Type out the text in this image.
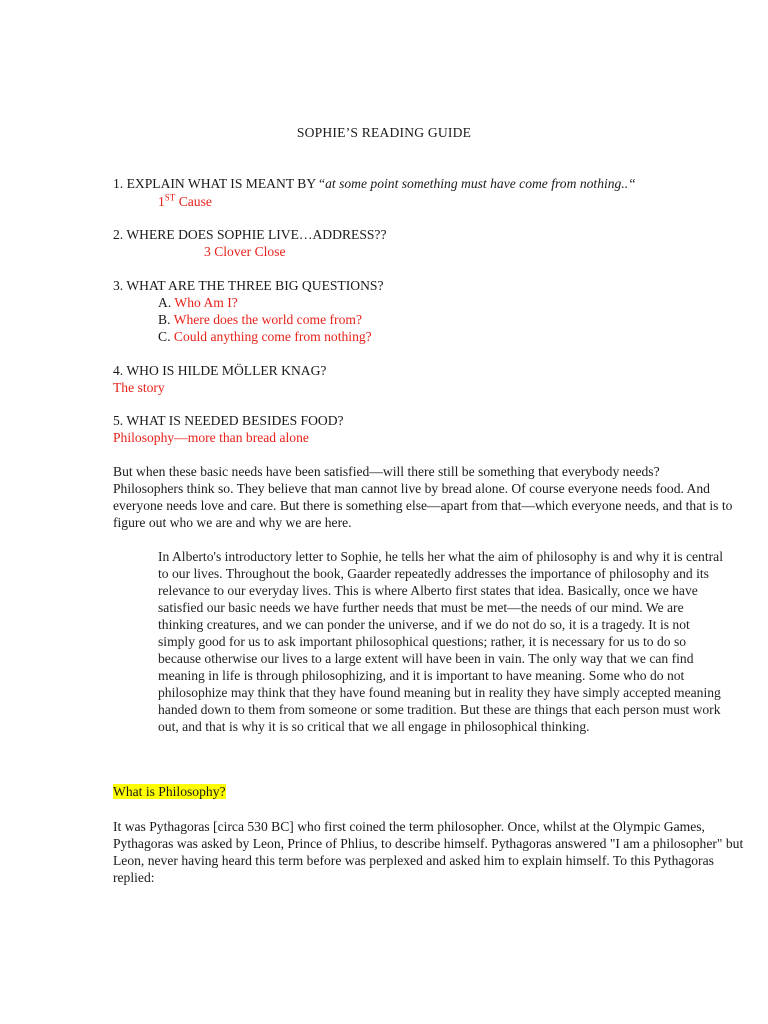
SOPHIE’S READING GUIDE
1. EXPLAIN WHAT IS MEANT BY “at some point something must have come from nothing..“
1ST Cause
2. WHERE DOES SOPHIE LIVE…ADDRESS??
3 Clover Close
3. WHAT ARE THE THREE BIG QUESTIONS?
A. Who Am I?
B. Where does the world come from?
C. Could anything come from nothing?
4. WHO IS HILDE MÖLLER KNAG?
The story
5. WHAT IS NEEDED BESIDES FOOD?
Philosophy—more than bread alone
But when these basic needs have been satisfied—will there still be something that everybody needs? Philosophers think so. They believe that man cannot live by bread alone. Of course everyone needs food. And everyone needs love and care. But there is something else—apart from that—which everyone needs, and that is to figure out who we are and why we are here.
In Alberto's introductory letter to Sophie, he tells her what the aim of philosophy is and why it is central to our lives. Throughout the book, Gaarder repeatedly addresses the importance of philosophy and its relevance to our everyday lives. This is where Alberto first states that idea. Basically, once we have satisfied our basic needs we have further needs that must be met—the needs of our mind. We are thinking creatures, and we can ponder the universe, and if we do not do so, it is a tragedy. It is not simply good for us to ask important philosophical questions; rather, it is necessary for us to do so because otherwise our lives to a large extent will have been in vain. The only way that we can find meaning in life is through philosophizing, and it is important to have meaning. Some who do not philosophize may think that they have found meaning but in reality they have simply accepted meaning handed down to them from someone or some tradition. But these are things that each person must work out, and that is why it is so critical that we all engage in philosophical thinking.
What is Philosophy?
It was Pythagoras [circa 530 BC] who first coined the term philosopher. Once, whilst at the Olympic Games, Pythagoras was asked by Leon, Prince of Phlius, to describe himself. Pythagoras answered "I am a philosopher" but Leon, never having heard this term before was perplexed and asked him to explain himself. To this Pythagoras replied:
